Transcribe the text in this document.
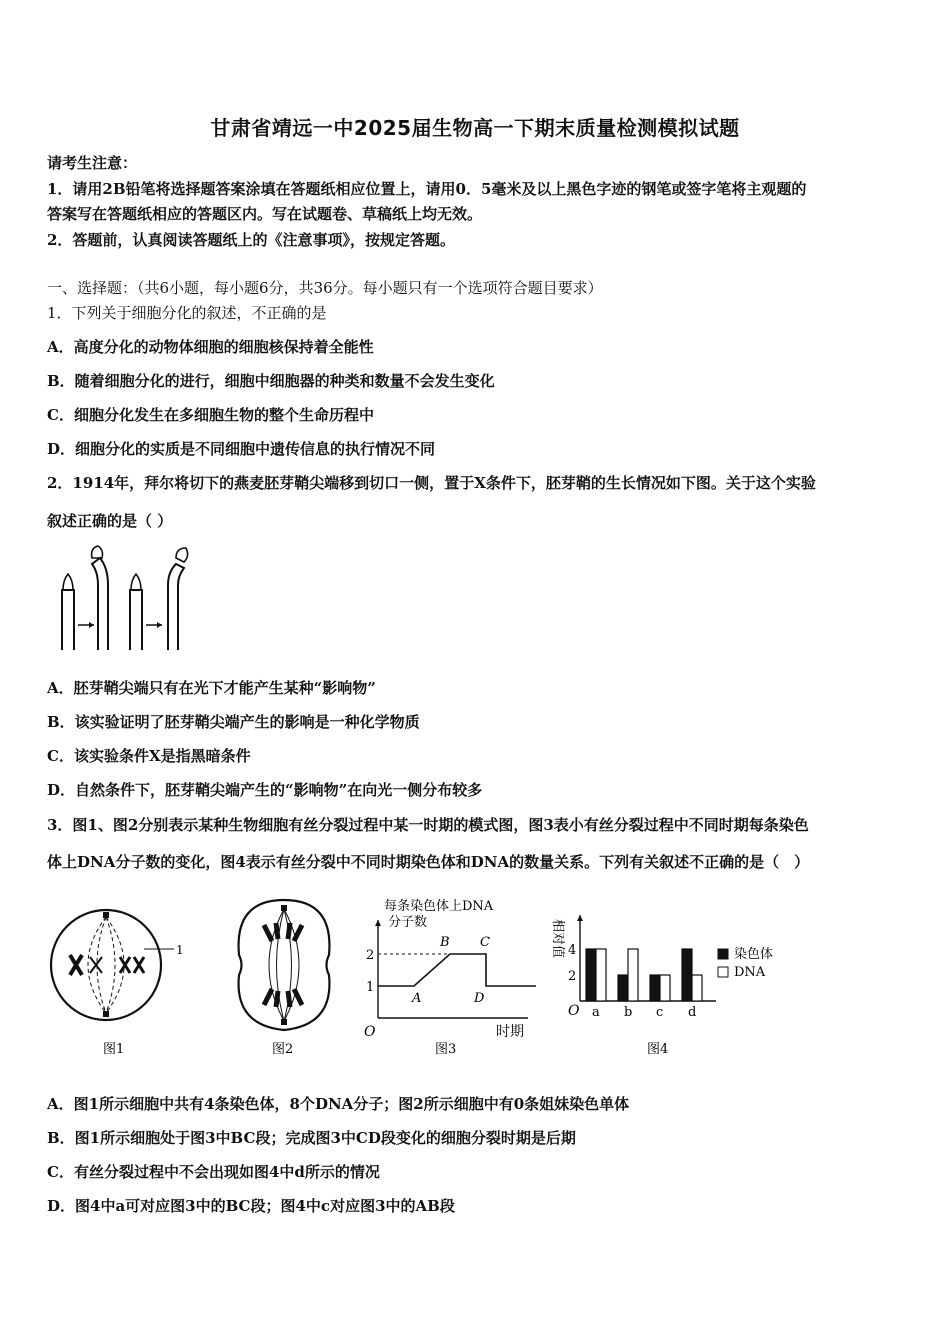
甘肃省靖远一中2025届生物高一下期末质量检测模拟试题
请考生注意：
1．请用2B铅笔将选择题答案涂填在答题纸相应位置上，请用0．5毫米及以上黑色字迹的钢笔或签字笔将主观题的
答案写在答题纸相应的答题区内。写在试题卷、草稿纸上均无效。
2．答题前，认真阅读答题纸上的《注意事项》，按规定答题。
一、选择题：（共6小题，每小题6分，共36分。每小题只有一个选项符合题目要求）
1．下列关于细胞分化的叙述，不正确的是
A．高度分化的动物体细胞的细胞核保持着全能性
B．随着细胞分化的进行，细胞中细胞器的种类和数量不会发生变化
C．细胞分化发生在多细胞生物的整个生命历程中
D．细胞分化的实质是不同细胞中遗传信息的执行情况不同
2．1914年，拜尔将切下的燕麦胚芽鞘尖端移到切口一侧，置于X条件下，胚芽鞘的生长情况如下图。关于这个实验
叙述正确的是（ ）
A．胚芽鞘尖端只有在光下才能产生某种“影响物”
B．该实验证明了胚芽鞘尖端产生的影响是一种化学物质
C．该实验条件X是指黑暗条件
D．自然条件下，胚芽鞘尖端产生的“影响物”在向光一侧分布较多
3．图1、图2分别表示某种生物细胞有丝分裂过程中某一时期的模式图，图3表小有丝分裂过程中不同时期每条染色
体上DNA分子数的变化，图4表示有丝分裂中不同时期染色体和DNA的数量关系。下列有关叙述不正确的是（　）
1
图1	图2
每条染色体上DNA
分子数
O	时期
1
2
A
B C
D
图3
相对值
O
2
4
a b c d
染色体
DNA
图4
A．图1所示细胞中共有4条染色体，8个DNA分子；图2所示细胞中有0条姐妹染色单体
B．图1所示细胞处于图3中BC段；完成图3中CD段变化的细胞分裂时期是后期
C．有丝分裂过程中不会出现如图4中d所示的情况
D．图4中a可对应图3中的BC段；图4中c对应图3中的AB段
